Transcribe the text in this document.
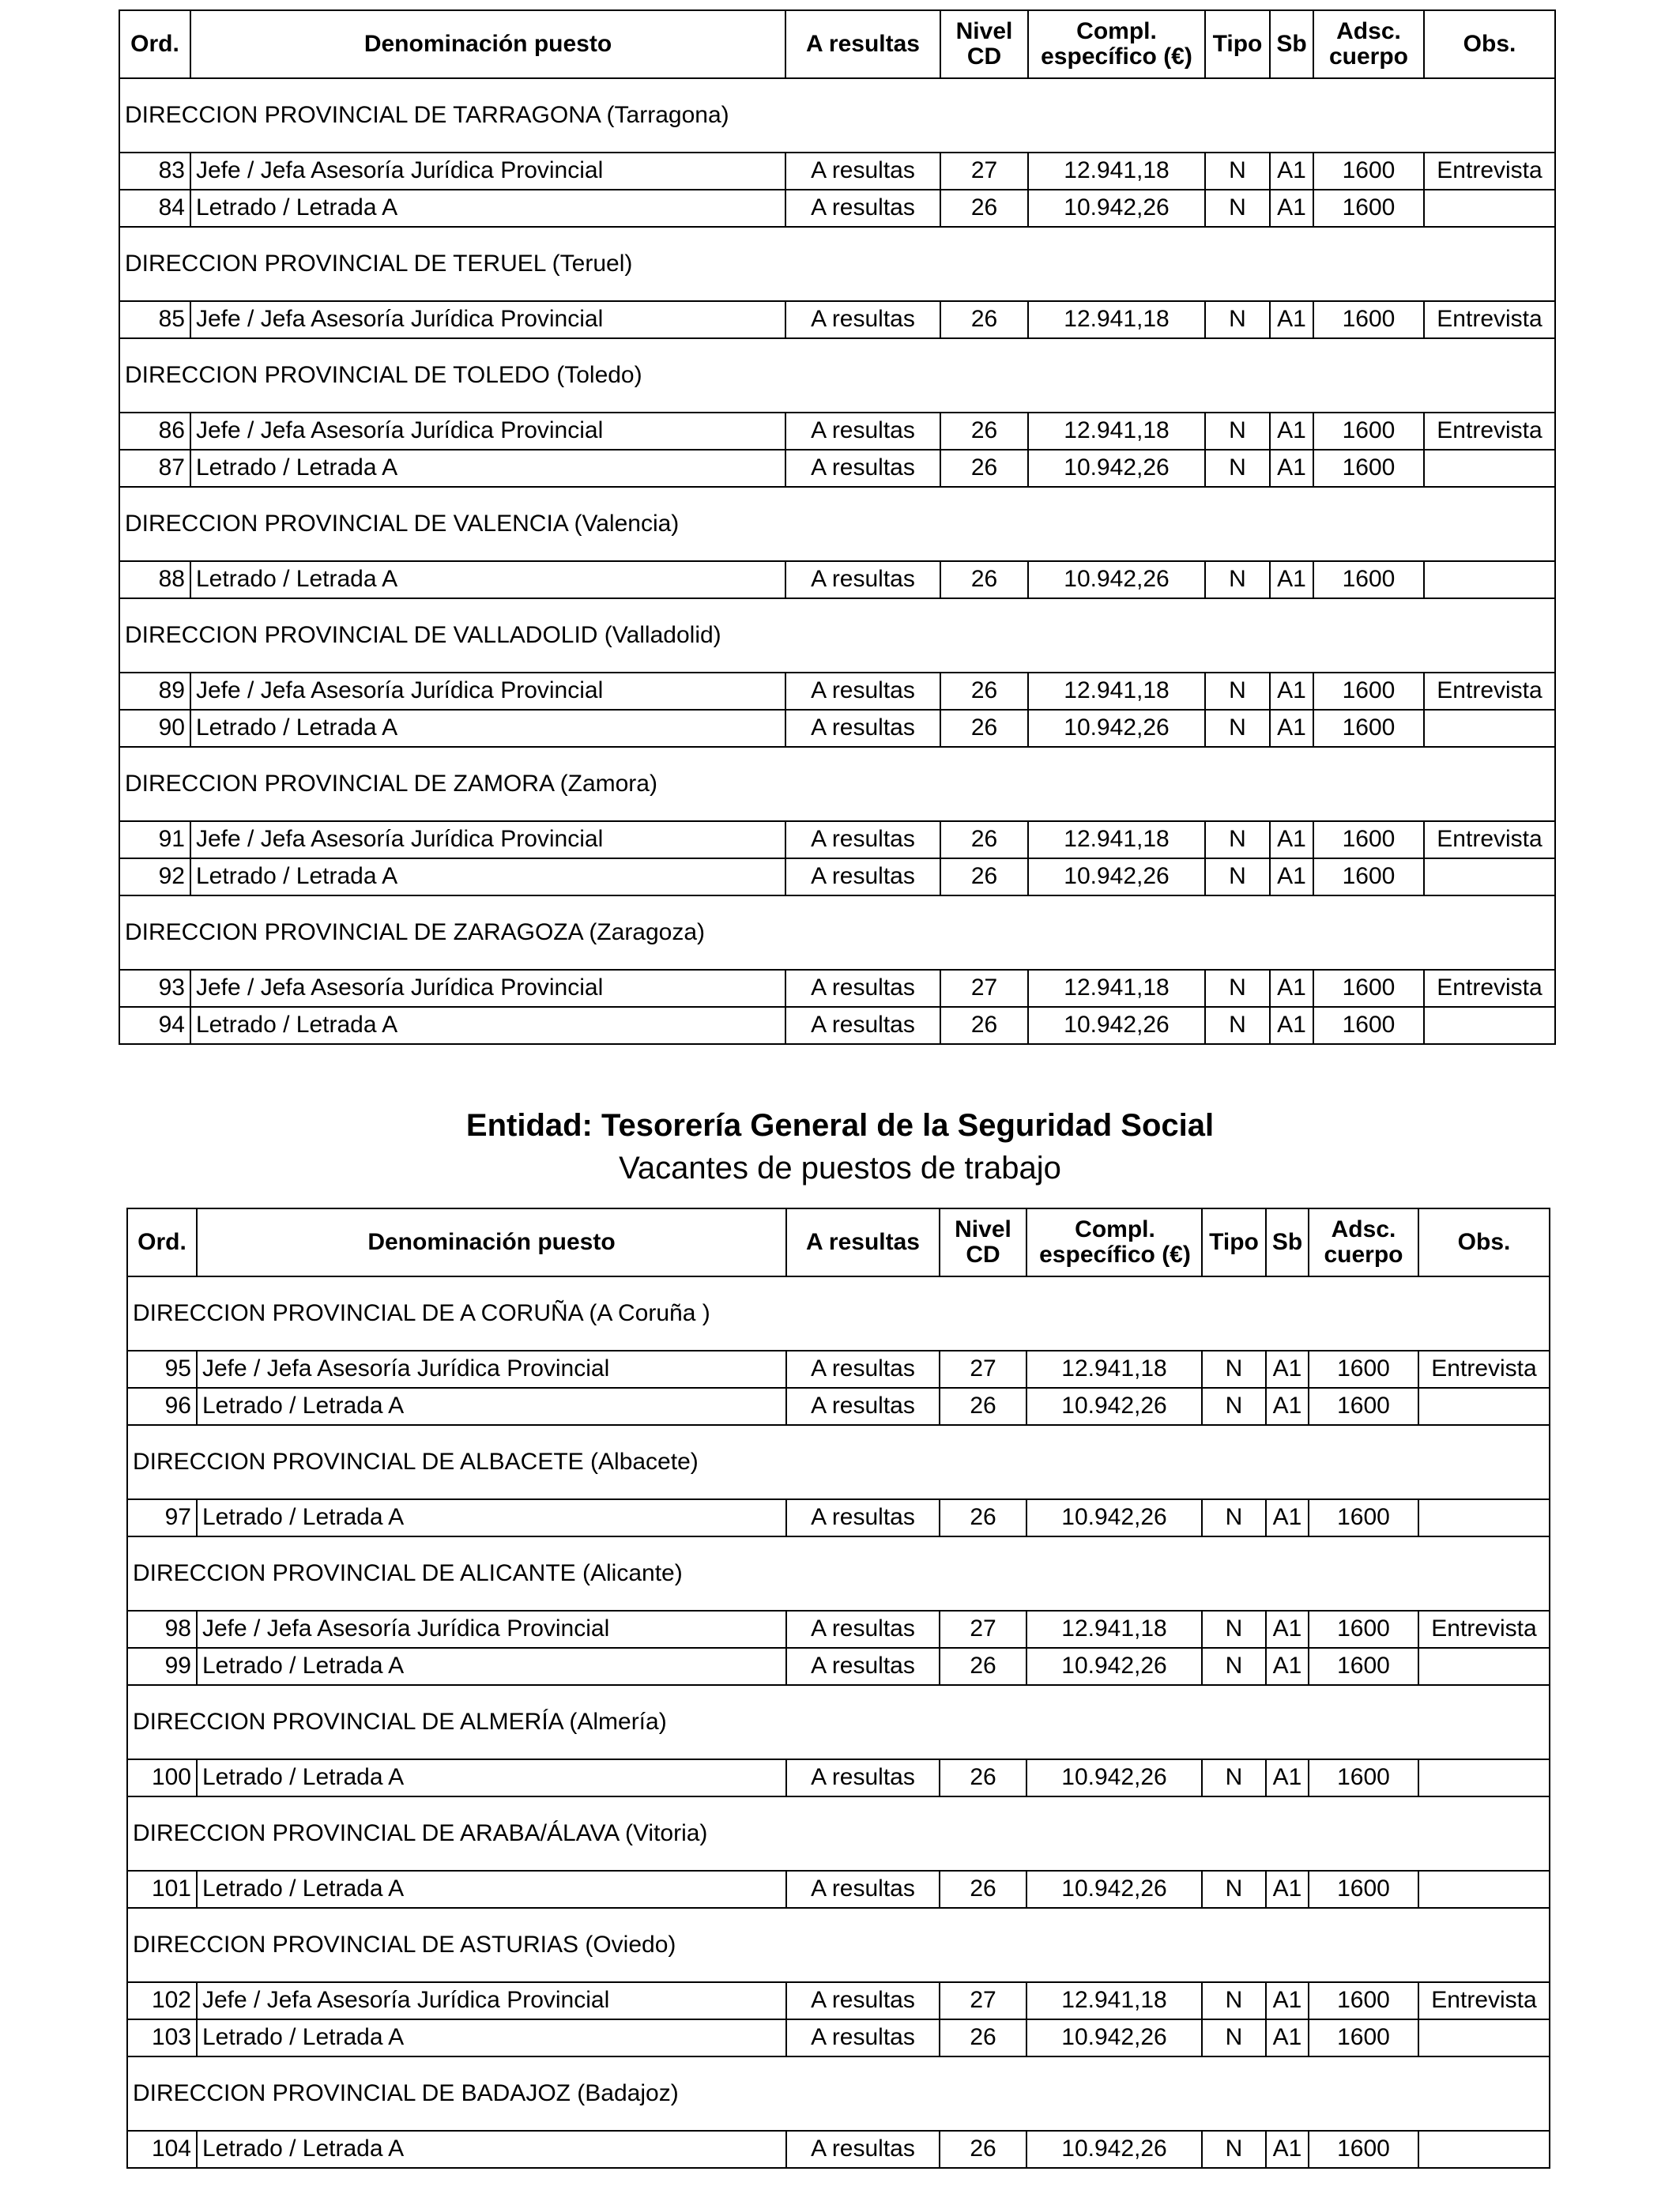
Ord.	Denominación puesto	A resultas	Nivel CD	Compl. específico (€)	Tipo	Sb	Adsc. cuerpo	Obs.
DIRECCION PROVINCIAL DE TARRAGONA (Tarragona)								
83	Jefe / Jefa Asesoría Jurídica Provincial	A resultas	27	12.941,18	N	A1	1600	Entrevista
84	Letrado / Letrada A	A resultas	26	10.942,26	N	A1	1600	
DIRECCION PROVINCIAL DE TERUEL (Teruel)								
85	Jefe / Jefa Asesoría Jurídica Provincial	A resultas	26	12.941,18	N	A1	1600	Entrevista
DIRECCION PROVINCIAL DE TOLEDO (Toledo)								
86	Jefe / Jefa Asesoría Jurídica Provincial	A resultas	26	12.941,18	N	A1	1600	Entrevista
87	Letrado / Letrada A	A resultas	26	10.942,26	N	A1	1600	
DIRECCION PROVINCIAL DE VALENCIA (Valencia)								
88	Letrado / Letrada A	A resultas	26	10.942,26	N	A1	1600	
DIRECCION PROVINCIAL DE VALLADOLID (Valladolid)								
89	Jefe / Jefa Asesoría Jurídica Provincial	A resultas	26	12.941,18	N	A1	1600	Entrevista
90	Letrado / Letrada A	A resultas	26	10.942,26	N	A1	1600	
DIRECCION PROVINCIAL DE ZAMORA (Zamora)								
91	Jefe / Jefa Asesoría Jurídica Provincial	A resultas	26	12.941,18	N	A1	1600	Entrevista
92	Letrado / Letrada A	A resultas	26	10.942,26	N	A1	1600	
DIRECCION PROVINCIAL DE ZARAGOZA (Zaragoza)								
93	Jefe / Jefa Asesoría Jurídica Provincial	A resultas	27	12.941,18	N	A1	1600	Entrevista
94	Letrado / Letrada A	A resultas	26	10.942,26	N	A1	1600	
Entidad: Tesorería General de la Seguridad Social
Vacantes de puestos de trabajo
Ord.	Denominación puesto	A resultas	Nivel CD	Compl. específico (€)	Tipo	Sb	Adsc. cuerpo	Obs.
DIRECCION PROVINCIAL DE A CORUÑA (A Coruña )								
95	Jefe / Jefa Asesoría Jurídica Provincial	A resultas	27	12.941,18	N	A1	1600	Entrevista
96	Letrado / Letrada A	A resultas	26	10.942,26	N	A1	1600	
DIRECCION PROVINCIAL DE ALBACETE (Albacete)								
97	Letrado / Letrada A	A resultas	26	10.942,26	N	A1	1600	
DIRECCION PROVINCIAL DE ALICANTE (Alicante)								
98	Jefe / Jefa Asesoría Jurídica Provincial	A resultas	27	12.941,18	N	A1	1600	Entrevista
99	Letrado / Letrada A	A resultas	26	10.942,26	N	A1	1600	
DIRECCION PROVINCIAL DE ALMERÍA (Almería)								
100	Letrado / Letrada A	A resultas	26	10.942,26	N	A1	1600	
DIRECCION PROVINCIAL DE ARABA/ÁLAVA (Vitoria)								
101	Letrado / Letrada A	A resultas	26	10.942,26	N	A1	1600	
DIRECCION PROVINCIAL DE ASTURIAS (Oviedo)								
102	Jefe / Jefa Asesoría Jurídica Provincial	A resultas	27	12.941,18	N	A1	1600	Entrevista
103	Letrado / Letrada A	A resultas	26	10.942,26	N	A1	1600	
DIRECCION PROVINCIAL DE BADAJOZ (Badajoz)								
104	Letrado / Letrada A	A resultas	26	10.942,26	N	A1	1600	
